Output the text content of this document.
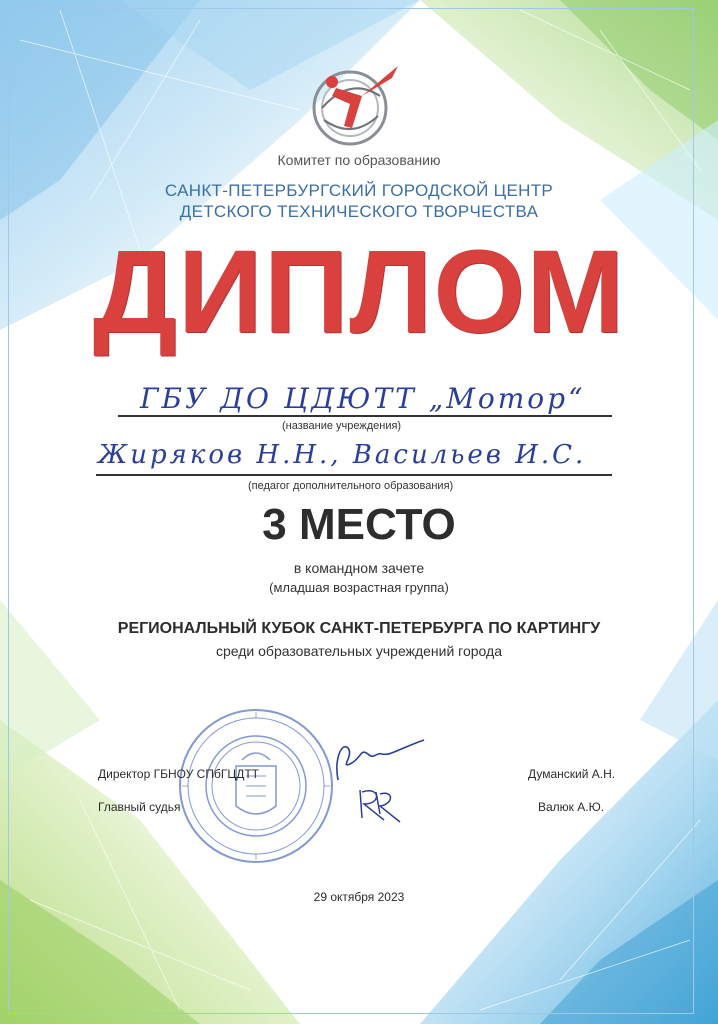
Комитет по образованию
САНКТ-ПЕТЕРБУРГСКИЙ ГОРОДСКОЙ ЦЕНТР
ДЕТСКОГО ТЕХНИЧЕСКОГО ТВОРЧЕСТВА
ДИПЛОМ
ГБУ ДО ЦДЮТТ „Мотор“
(название учреждения)
Жиряков Н.Н., Васильев И.С.
(педагог дополнительного образования)
3 МЕСТО
в командном зачете
(младшая возрастная группа)
РЕГИОНАЛЬНЫЙ КУБОК САНКТ-ПЕТЕРБУРГА ПО КАРТИНГУ
среди образовательных учреждений города
Директор ГБНОУ СПбГЦДТТ	Думанский А.Н.
Главный судья	Валюк А.Ю.
29 октября 2023
